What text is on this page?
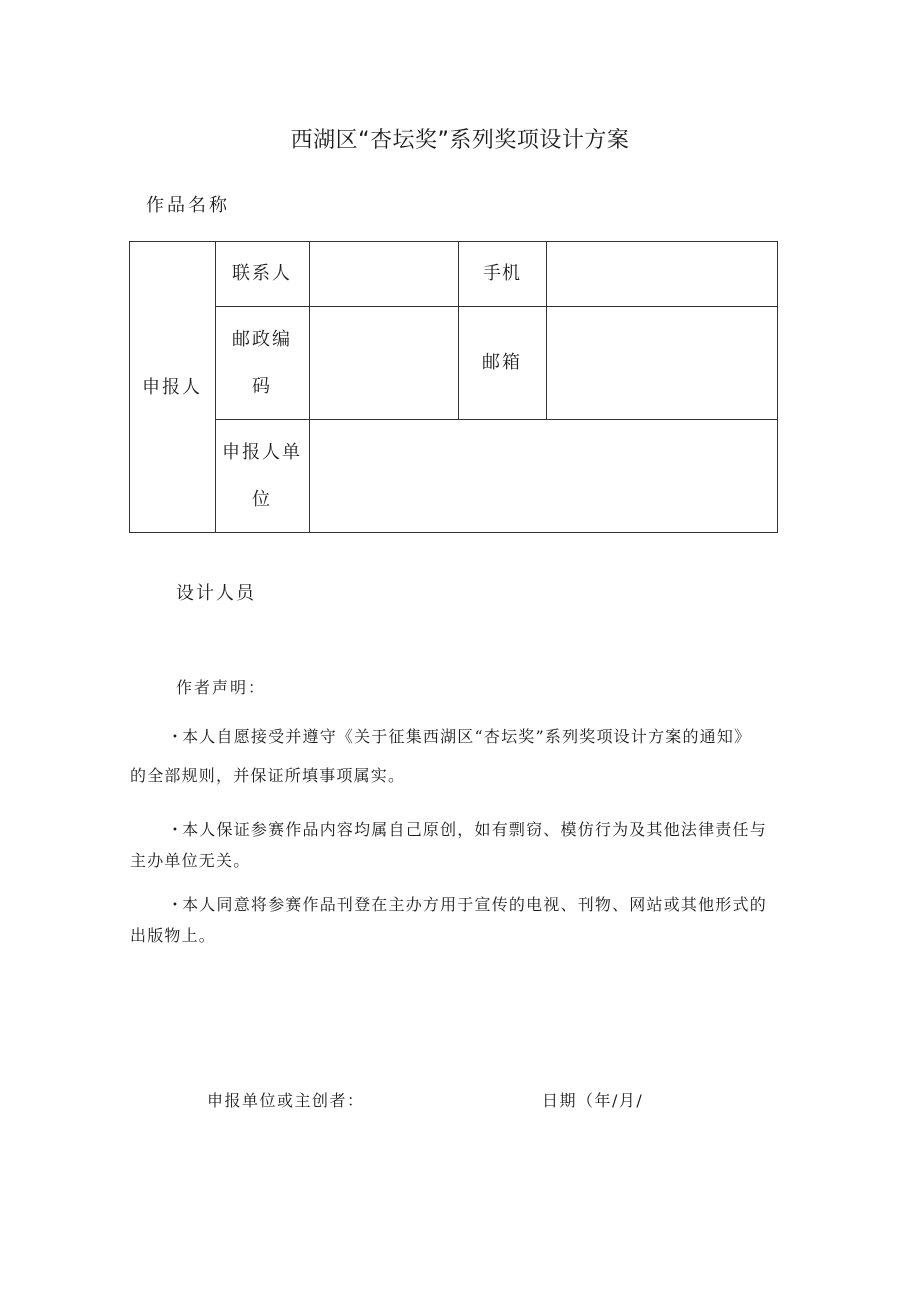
西湖区“杏坛奖”系列奖项设计方案
作品名称
申报人
联系人	手机
邮政编码
邮箱
申报人单位
设计人员
作者声明：
• 本人自愿接受并遵守《关于征集西湖区“杏坛奖”系列奖项设计方案的通知》
的全部规则，并保证所填事项属实。
• 本人保证参赛作品内容均属自己原创，如有剽窃、模仿行为及其他法律责任与
主办单位无关。
• 本人同意将参赛作品刊登在主办方用于宣传的电视、刊物、网站或其他形式的
出版物上。
申报单位或主创者：	日期（年/月/
